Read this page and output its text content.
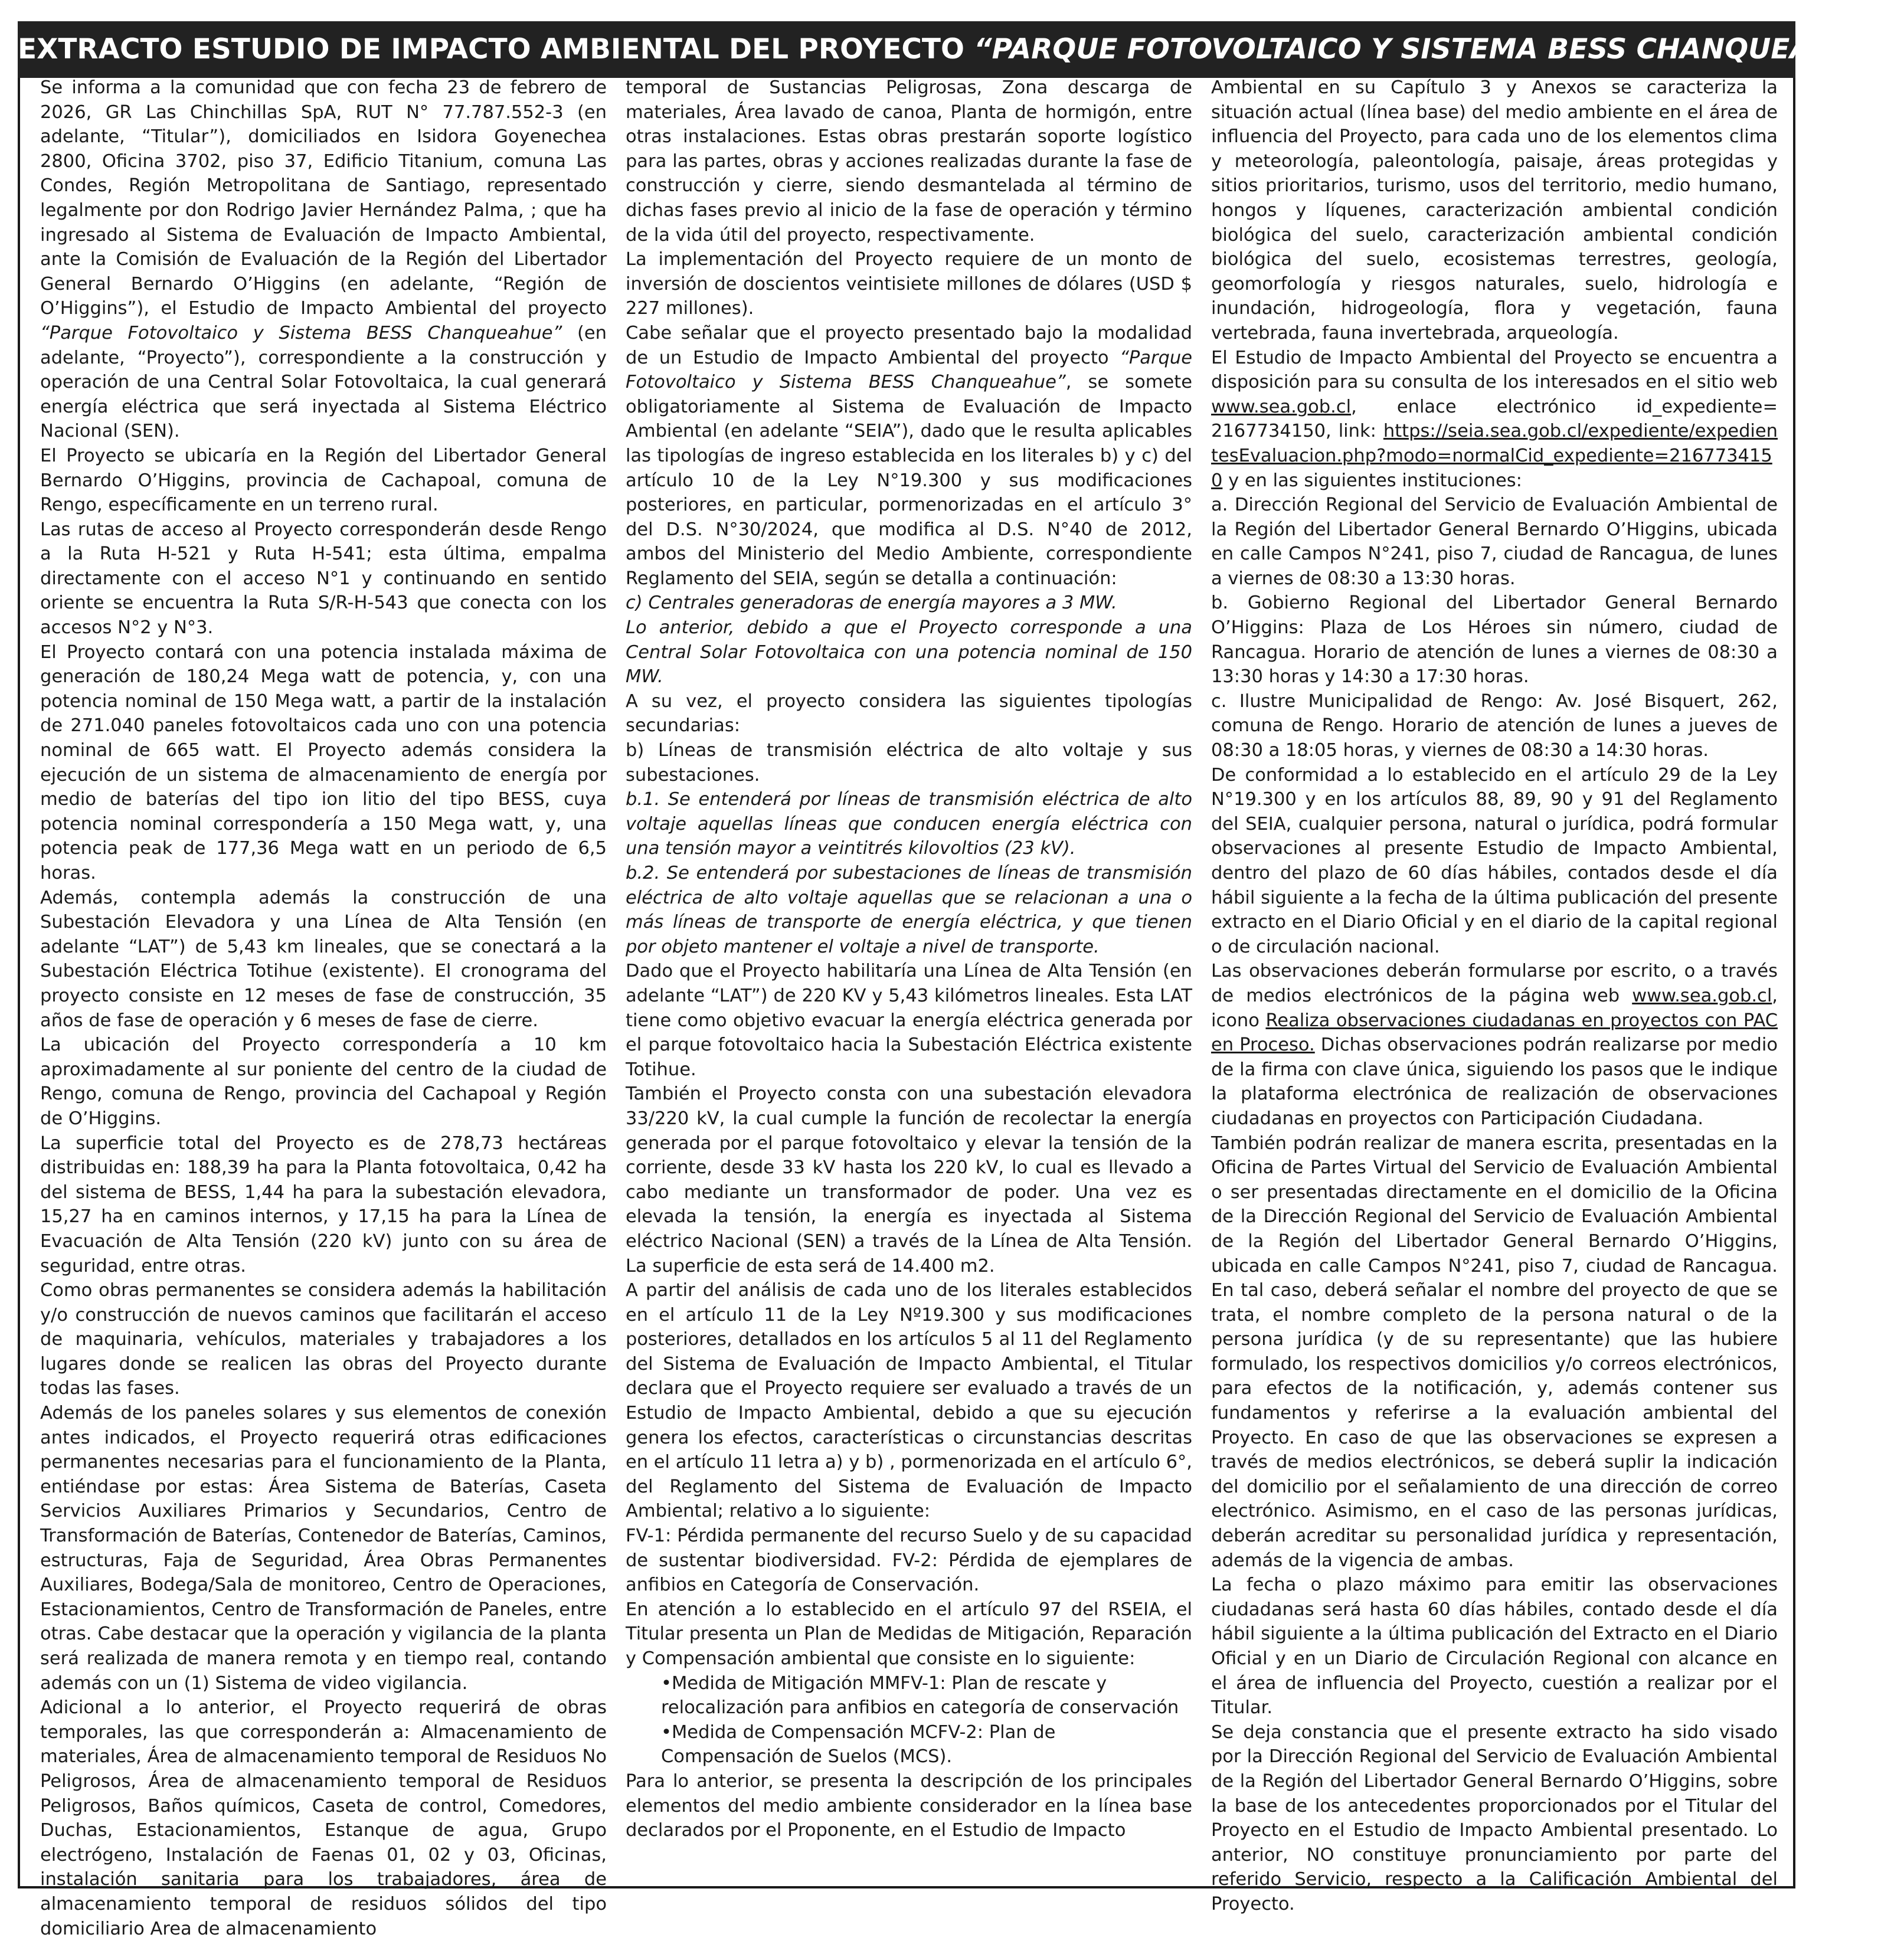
EXTRACTO ESTUDIO DE IMPACTO AMBIENTAL DEL PROYECTO “PARQUE FOTOVOLTAICO Y SISTEMA BESS CHANQUEAHUE”.

Se informa a la comunidad que con fecha 23 de febrero de 2026, GR Las Chinchillas SpA, RUT N° 77.787.552-3 (en adelante, “Titular”), domiciliados en Isidora Goyenechea 2800, Oficina 3702, piso 37, Edificio Titanium, comuna Las Condes, Región Metropolitana de Santiago, representado legalmente por don Rodrigo Javier Hernández Palma, ; que ha ingresado al Sistema de Evaluación de Impacto Ambiental, ante la Comisión de Evaluación de la Región del Libertador General Bernardo O’Higgins (en adelante, “Región de O’Higgins”), el Estudio de Impacto Ambiental del proyecto “Parque Fotovoltaico y Sistema BESS Chanqueahue” (en adelante, “Proyecto”), correspondiente a la construcción y operación de una Central Solar Fotovoltaica, la cual generará energía eléctrica que será inyectada al Sistema Eléctrico Nacional (SEN).

El Proyecto se ubicaría en la Región del Libertador General Bernardo O’Higgins, provincia de Cachapoal, comuna de Rengo, específicamente en un terreno rural.

Las rutas de acceso al Proyecto corresponderán desde Rengo a la Ruta H-521 y Ruta H-541; esta última, empalma directamente con el acceso N°1 y continuando en sentido oriente se encuentra la Ruta S/R-H-543 que conecta con los accesos N°2 y N°3.

El Proyecto contará con una potencia instalada máxima de generación de 180,24 Mega watt de potencia, y, con una potencia nominal de 150 Mega watt, a partir de la instalación de 271.040 paneles fotovoltaicos cada uno con una potencia nominal de 665 watt. El Proyecto además considera la ejecución de un sistema de almacenamiento de energía por medio de baterías del tipo ion litio del tipo BESS, cuya potencia nominal correspondería a 150 Mega watt, y, una potencia peak de 177,36 Mega watt en un periodo de 6,5 horas.

Además, contempla además la construcción de una Subestación Elevadora y una Línea de Alta Tensión (en adelante “LAT”) de 5,43 km lineales, que se conectará a la Subestación Eléctrica Totihue (existente). El cronograma del proyecto consiste en 12 meses de fase de construcción, 35 años de fase de operación y 6 meses de fase de cierre.

La ubicación del Proyecto correspondería a 10 km aproximadamente al sur poniente del centro de la ciudad de Rengo, comuna de Rengo, provincia del Cachapoal y Región de O’Higgins.

La superficie total del Proyecto es de 278,73 hectáreas distribuidas en: 188,39 ha para la Planta fotovoltaica, 0,42 ha del sistema de BESS, 1,44 ha para la subestación elevadora, 15,27 ha en caminos internos, y 17,15 ha para la Línea de Evacuación de Alta Tensión (220 kV) junto con su área de seguridad, entre otras.

Como obras permanentes se considera además la habilitación y/o construcción de nuevos caminos que facilitarán el acceso de maquinaria, vehículos, materiales y trabajadores a los lugares donde se realicen las obras del Proyecto durante todas las fases.

Además de los paneles solares y sus elementos de conexión antes indicados, el Proyecto requerirá otras edificaciones permanentes necesarias para el funcionamiento de la Planta, entiéndase por estas: Área Sistema de Baterías, Caseta Servicios Auxiliares Primarios y Secundarios, Centro de Transformación de Baterías, Contenedor de Baterías, Caminos, estructuras, Faja de Seguridad, Área Obras Permanentes Auxiliares, Bodega/Sala de monitoreo, Centro de Operaciones, Estacionamientos, Centro de Transformación de Paneles, entre otras. Cabe destacar que la operación y vigilancia de la planta será realizada de manera remota y en tiempo real, contando además con un (1) Sistema de video vigilancia.

Adicional a lo anterior, el Proyecto requerirá de obras temporales, las que corresponderán a: Almacenamiento de materiales, Área de almacenamiento temporal de Residuos No Peligrosos, Área de almacenamiento temporal de Residuos Peligrosos, Baños químicos, Caseta de control, Comedores, Duchas, Estacionamientos, Estanque de agua, Grupo electrógeno, Instalación de Faenas 01, 02 y 03, Oficinas, instalación sanitaria para los trabajadores, área de almacenamiento temporal de residuos sólidos del tipo domiciliario Area de almacenamiento

temporal de Sustancias Peligrosas, Zona descarga de materiales, Área lavado de canoa, Planta de hormigón, entre otras instalaciones. Estas obras prestarán soporte logístico para las partes, obras y acciones realizadas durante la fase de construcción y cierre, siendo desmantelada al término de dichas fases previo al inicio de la fase de operación y término de la vida útil del proyecto, respectivamente.

La implementación del Proyecto requiere de un monto de inversión de doscientos veintisiete millones de dólares (USD $ 227 millones).

Cabe señalar que el proyecto presentado bajo la modalidad de un Estudio de Impacto Ambiental del proyecto “Parque Fotovoltaico y Sistema BESS Chanqueahue”, se somete obligatoriamente al Sistema de Evaluación de Impacto Ambiental (en adelante “SEIA”), dado que le resulta aplicables las tipologías de ingreso establecida en los literales b) y c) del artículo 10 de la Ley N°19.300 y sus modificaciones posteriores, en particular, pormenorizadas en el artículo 3° del D.S. N°30/2024, que modifica al D.S. N°40 de 2012, ambos del Ministerio del Medio Ambiente, correspondiente Reglamento del SEIA, según se detalla a continuación:

c) Centrales generadoras de energía mayores a 3 MW.

Lo anterior, debido a que el Proyecto corresponde a una Central Solar Fotovoltaica con una potencia nominal de 150 MW.

A su vez, el proyecto considera las siguientes tipologías secundarias:

b) Líneas de transmisión eléctrica de alto voltaje y sus subestaciones.

b.1. Se entenderá por líneas de transmisión eléctrica de alto voltaje aquellas líneas que conducen energía eléctrica con una tensión mayor a veintitrés kilovoltios (23 kV).

b.2. Se entenderá por subestaciones de líneas de transmisión eléctrica de alto voltaje aquellas que se relacionan a una o más líneas de transporte de energía eléctrica, y que tienen por objeto mantener el voltaje a nivel de transporte.

Dado que el Proyecto habilitaría una Línea de Alta Tensión (en adelante “LAT”) de 220 KV y 5,43 kilómetros lineales. Esta LAT tiene como objetivo evacuar la energía eléctrica generada por el parque fotovoltaico hacia la Subestación Eléctrica existente Totihue.

También el Proyecto consta con una subestación elevadora 33/220 kV, la cual cumple la función de recolectar la energía generada por el parque fotovoltaico y elevar la tensión de la corriente, desde 33 kV hasta los 220 kV, lo cual es llevado a cabo mediante un transformador de poder. Una vez es elevada la tensión, la energía es inyectada al Sistema eléctrico Nacional (SEN) a través de la Línea de Alta Tensión. La superficie de esta será de 14.400 m2.

A partir del análisis de cada uno de los literales establecidos en el artículo 11 de la Ley Nº19.300 y sus modificaciones posteriores, detallados en los artículos 5 al 11 del Reglamento del Sistema de Evaluación de Impacto Ambiental, el Titular declara que el Proyecto requiere ser evaluado a través de un Estudio de Impacto Ambiental, debido a que su ejecución genera los efectos, características o circunstancias descritas en el artículo 11 letra a) y b) , pormenorizada en el artículo 6°, del Reglamento del Sistema de Evaluación de Impacto Ambiental; relativo a lo siguiente:

FV-1: Pérdida permanente del recurso Suelo y de su capacidad de sustentar biodiversidad. FV-2: Pérdida de ejemplares de anfibios en Categoría de Conservación.

En atención a lo establecido en el artículo 97 del RSEIA, el Titular presenta un Plan de Medidas de Mitigación, Reparación y Compensación ambiental que consiste en lo siguiente:

•Medida de Mitigación MMFV-1: Plan de rescate y relocalización para anfibios en categoría de conservación

•Medida de Compensación MCFV-2: Plan de Compensación de Suelos (MCS).

Para lo anterior, se presenta la descripción de los principales elementos del medio ambiente considerador en la línea base declarados por el Proponente, en el Estudio de Impacto

Ambiental en su Capítulo 3 y Anexos se caracteriza la situación actual (línea base) del medio ambiente en el área de influencia del Proyecto, para cada uno de los elementos clima y meteorología, paleontología, paisaje, áreas protegidas y sitios prioritarios, turismo, usos del territorio, medio humano, hongos y líquenes, caracterización ambiental condición biológica del suelo, caracterización ambiental condición biológica del suelo, ecosistemas terrestres, geología, geomorfología y riesgos naturales, suelo, hidrología e inundación, hidrogeología, flora y vegetación, fauna vertebrada, fauna invertebrada, arqueología.

El Estudio de Impacto Ambiental del Proyecto se encuentra a disposición para su consulta de los interesados en el sitio web www.sea.gob.cl, enlace electrónico id_expediente= 2167734150, link: https://seia.sea.gob.cl/expediente/expedientesEvaluacion.php?modo=normalCid_expediente=2167734150 y en las siguientes instituciones:

a. Dirección Regional del Servicio de Evaluación Ambiental de la Región del Libertador General Bernardo O’Higgins, ubicada en calle Campos N°241, piso 7, ciudad de Rancagua, de lunes a viernes de 08:30 a 13:30 horas.

b. Gobierno Regional del Libertador General Bernardo O’Higgins: Plaza de Los Héroes sin número, ciudad de Rancagua. Horario de atención de lunes a viernes de 08:30 a 13:30 horas y 14:30 a 17:30 horas.

c. Ilustre Municipalidad de Rengo: Av. José Bisquert, 262, comuna de Rengo. Horario de atención de lunes a jueves de 08:30 a 18:05 horas, y viernes de 08:30 a 14:30 horas.

De conformidad a lo establecido en el artículo 29 de la Ley N°19.300 y en los artículos 88, 89, 90 y 91 del Reglamento del SEIA, cualquier persona, natural o jurídica, podrá formular observaciones al presente Estudio de Impacto Ambiental, dentro del plazo de 60 días hábiles, contados desde el día hábil siguiente a la fecha de la última publicación del presente extracto en el Diario Oficial y en el diario de la capital regional o de circulación nacional.

Las observaciones deberán formularse por escrito, o a través de medios electrónicos de la página web www.sea.gob.cl, icono Realiza observaciones ciudadanas en proyectos con PAC en Proceso. Dichas observaciones podrán realizarse por medio de la firma con clave única, siguiendo los pasos que le indique la plataforma electrónica de realización de observaciones ciudadanas en proyectos con Participación Ciudadana.

También podrán realizar de manera escrita, presentadas en la Oficina de Partes Virtual del Servicio de Evaluación Ambiental o ser presentadas directamente en el domicilio de la Oficina de la Dirección Regional del Servicio de Evaluación Ambiental de la Región del Libertador General Bernardo O’Higgins, ubicada en calle Campos N°241, piso 7, ciudad de Rancagua. En tal caso, deberá señalar el nombre del proyecto de que se trata, el nombre completo de la persona natural o de la persona jurídica (y de su representante) que las hubiere formulado, los respectivos domicilios y/o correos electrónicos, para efectos de la notificación, y, además contener sus fundamentos y referirse a la evaluación ambiental del Proyecto. En caso de que las observaciones se expresen a través de medios electrónicos, se deberá suplir la indicación del domicilio por el señalamiento de una dirección de correo electrónico. Asimismo, en el caso de las personas jurídicas, deberán acreditar su personalidad jurídica y representación, además de la vigencia de ambas.

La fecha o plazo máximo para emitir las observaciones ciudadanas será hasta 60 días hábiles, contado desde el día hábil siguiente a la última publicación del Extracto en el Diario Oficial y en un Diario de Circulación Regional con alcance en el área de influencia del Proyecto, cuestión a realizar por el Titular.

Se deja constancia que el presente extracto ha sido visado por la Dirección Regional del Servicio de Evaluación Ambiental de la Región del Libertador General Bernardo O’Higgins, sobre la base de los antecedentes proporcionados por el Titular del Proyecto en el Estudio de Impacto Ambiental presentado. Lo anterior, NO constituye pronunciamiento por parte del referido Servicio, respecto a la Calificación Ambiental del Proyecto.
